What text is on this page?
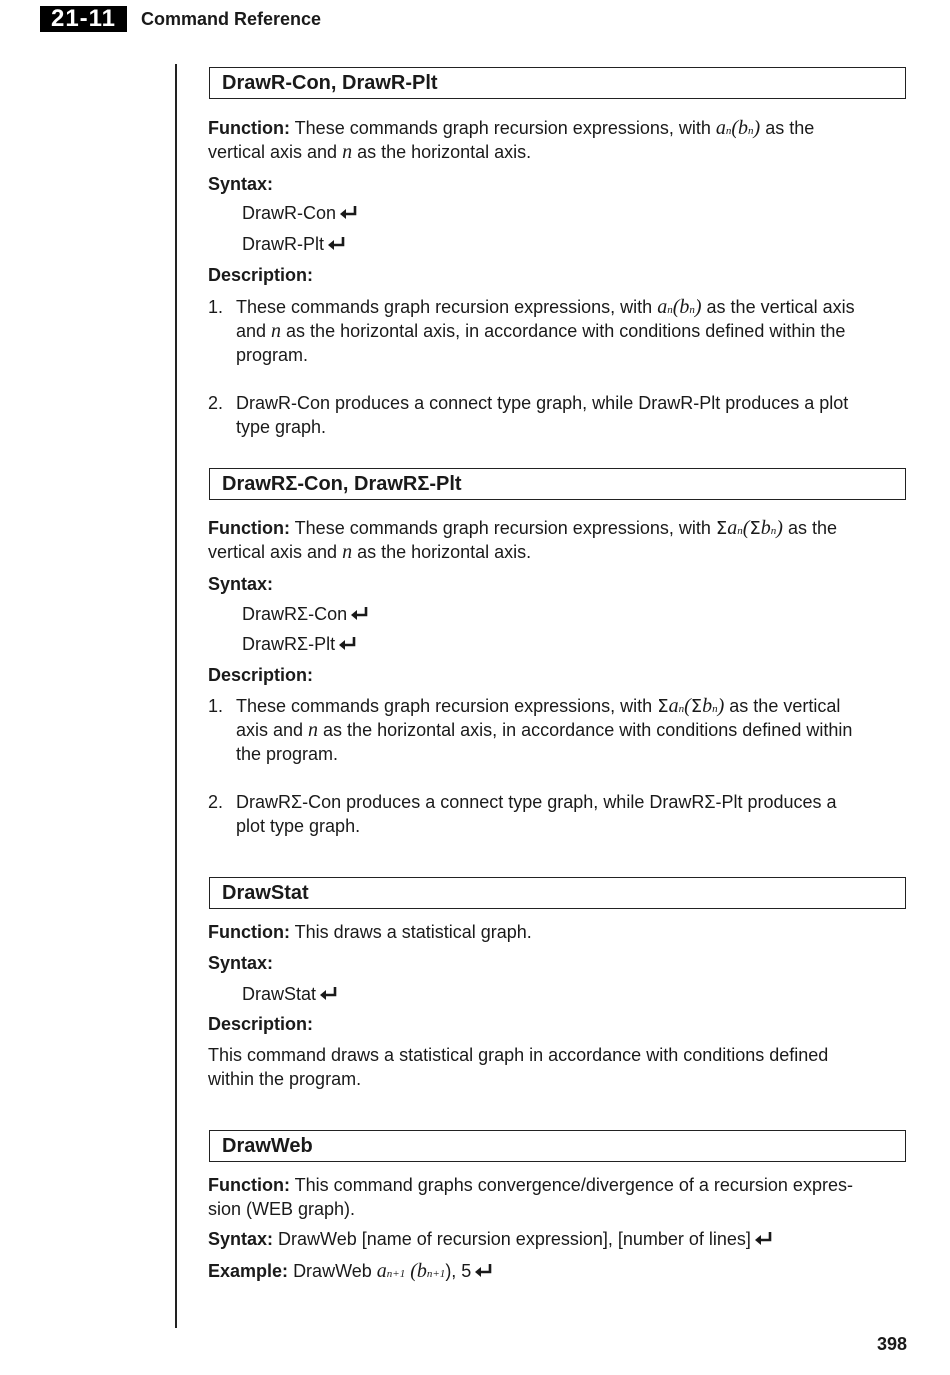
21-11	Command Reference
DrawR-Con, DrawR-Plt
Function: These commands graph recursion expressions, with an(bn) as the
vertical axis and n as the horizontal axis.
Syntax:
DrawR-Con
DrawR-Plt
Description:
1. These commands graph recursion expressions, with an(bn) as the vertical axis
and n as the horizontal axis, in accordance with conditions defined within the
program.
2. DrawR-Con produces a connect type graph, while DrawR-Plt produces a plot
type graph.
DrawRΣ-Con, DrawRΣ-Plt
Function: These commands graph recursion expressions, with Σan(Σbn) as the
vertical axis and n as the horizontal axis.
Syntax:
DrawRΣ-Con
DrawRΣ-Plt
Description:
1. These commands graph recursion expressions, with Σan(Σbn) as the vertical
axis and n as the horizontal axis, in accordance with conditions defined within
the program.
2. DrawRΣ-Con produces a connect type graph, while DrawRΣ-Plt produces a
plot type graph.
DrawStat
Function: This draws a statistical graph.
Syntax:
DrawStat
Description:
This command draws a statistical graph in accordance with conditions defined
within the program.
DrawWeb
Function: This command graphs convergence/divergence of a recursion expres-
sion (WEB graph).
Syntax: DrawWeb [name of recursion expression], [number of lines]
Example: DrawWeb an+1 (bn+1), 5
398
